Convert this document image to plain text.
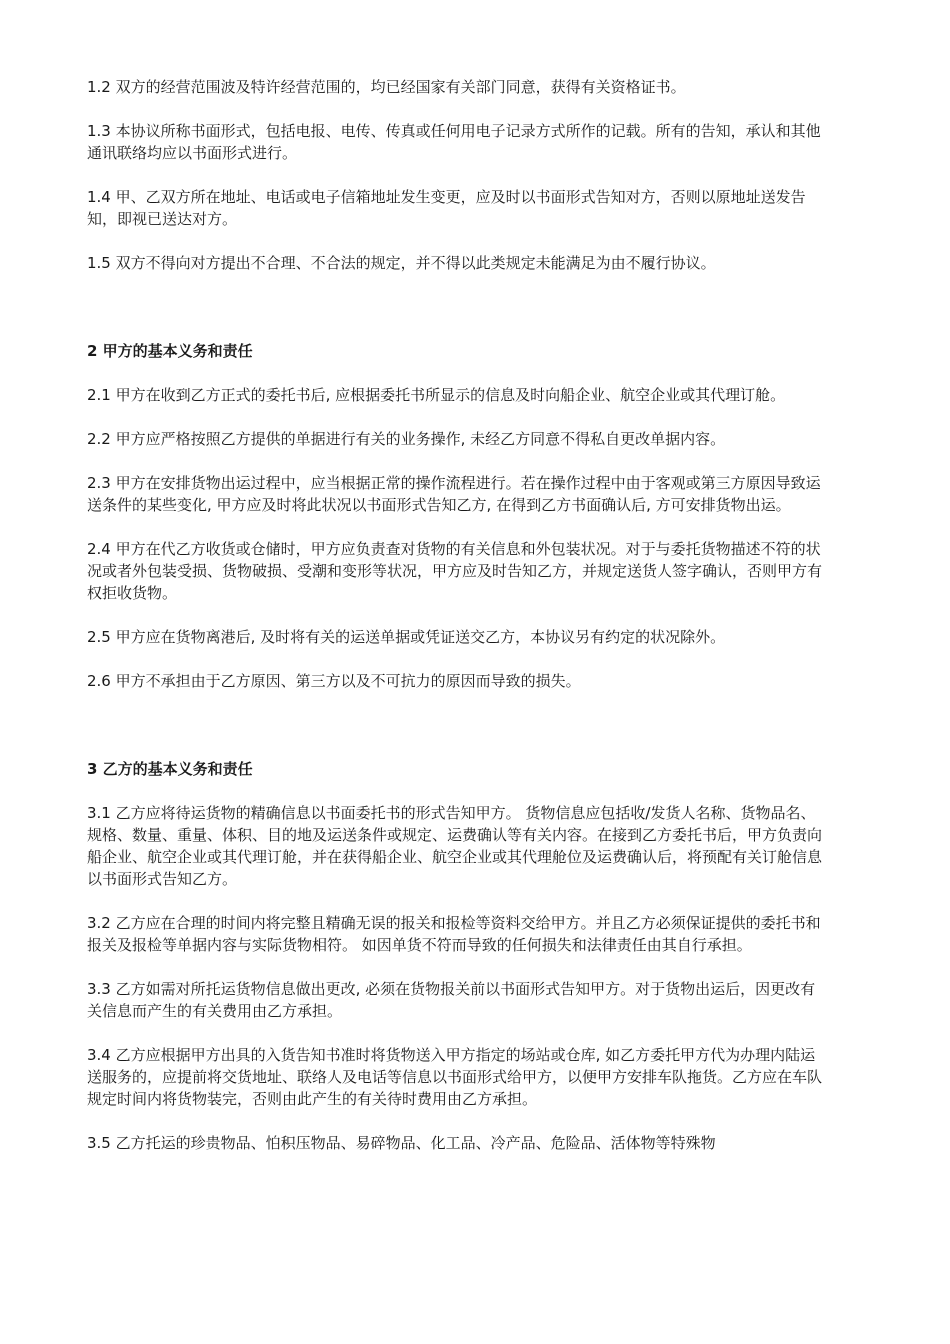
1.2 双方的经营范围波及特许经营范围的，均已经国家有关部门同意，获得有关资格证书。

1.3 本协议所称书面形式，包括电报、电传、传真或任何用电子记录方式所作的记载。所有的告知，承认和其他通讯联络均应以书面形式进行。

1.4 甲、乙双方所在地址、电话或电子信箱地址发生变更，应及时以书面形式告知对方，否则以原地址送发告知，即视已送达对方。

1.5 双方不得向对方提出不合理、不合法的规定，并不得以此类规定未能满足为由不履行协议。

2 甲方的基本义务和责任

2.1 甲方在收到乙方正式的委托书后, 应根据委托书所显示的信息及时向船企业、航空企业或其代理订舱。

2.2 甲方应严格按照乙方提供的单据进行有关的业务操作, 未经乙方同意不得私自更改单据内容。

2.3 甲方在安排货物出运过程中，应当根据正常的操作流程进行。若在操作过程中由于客观或第三方原因导致运送条件的某些变化, 甲方应及时将此状况以书面形式告知乙方, 在得到乙方书面确认后, 方可安排货物出运。

2.4 甲方在代乙方收货或仓储时，甲方应负责查对货物的有关信息和外包装状况。对于与委托货物描述不符的状况或者外包装受损、货物破损、受潮和变形等状况，甲方应及时告知乙方，并规定送货人签字确认，否则甲方有权拒收货物。

2.5 甲方应在货物离港后, 及时将有关的运送单据或凭证送交乙方，本协议另有约定的状况除外。

2.6 甲方不承担由于乙方原因、第三方以及不可抗力的原因而导致的损失。

3 乙方的基本义务和责任

3.1 乙方应将待运货物的精确信息以书面委托书的形式告知甲方。 货物信息应包括收/发货人名称、货物品名、规格、数量、重量、体积、目的地及运送条件或规定、运费确认等有关内容。在接到乙方委托书后，甲方负责向船企业、航空企业或其代理订舱，并在获得船企业、航空企业或其代理舱位及运费确认后，将预配有关订舱信息以书面形式告知乙方。

3.2 乙方应在合理的时间内将完整且精确无误的报关和报检等资料交给甲方。并且乙方必须保证提供的委托书和报关及报检等单据内容与实际货物相符。 如因单货不符而导致的任何损失和法律责任由其自行承担。

3.3 乙方如需对所托运货物信息做出更改, 必须在货物报关前以书面形式告知甲方。对于货物出运后，因更改有关信息而产生的有关费用由乙方承担。

3.4 乙方应根据甲方出具的入货告知书准时将货物送入甲方指定的场站或仓库, 如乙方委托甲方代为办理内陆运送服务的，应提前将交货地址、联络人及电话等信息以书面形式给甲方，以便甲方安排车队拖货。乙方应在车队规定时间内将货物装完，否则由此产生的有关待时费用由乙方承担。

3.5 乙方托运的珍贵物品、怕积压物品、易碎物品、化工品、冷产品、危险品、活体物等特殊物
